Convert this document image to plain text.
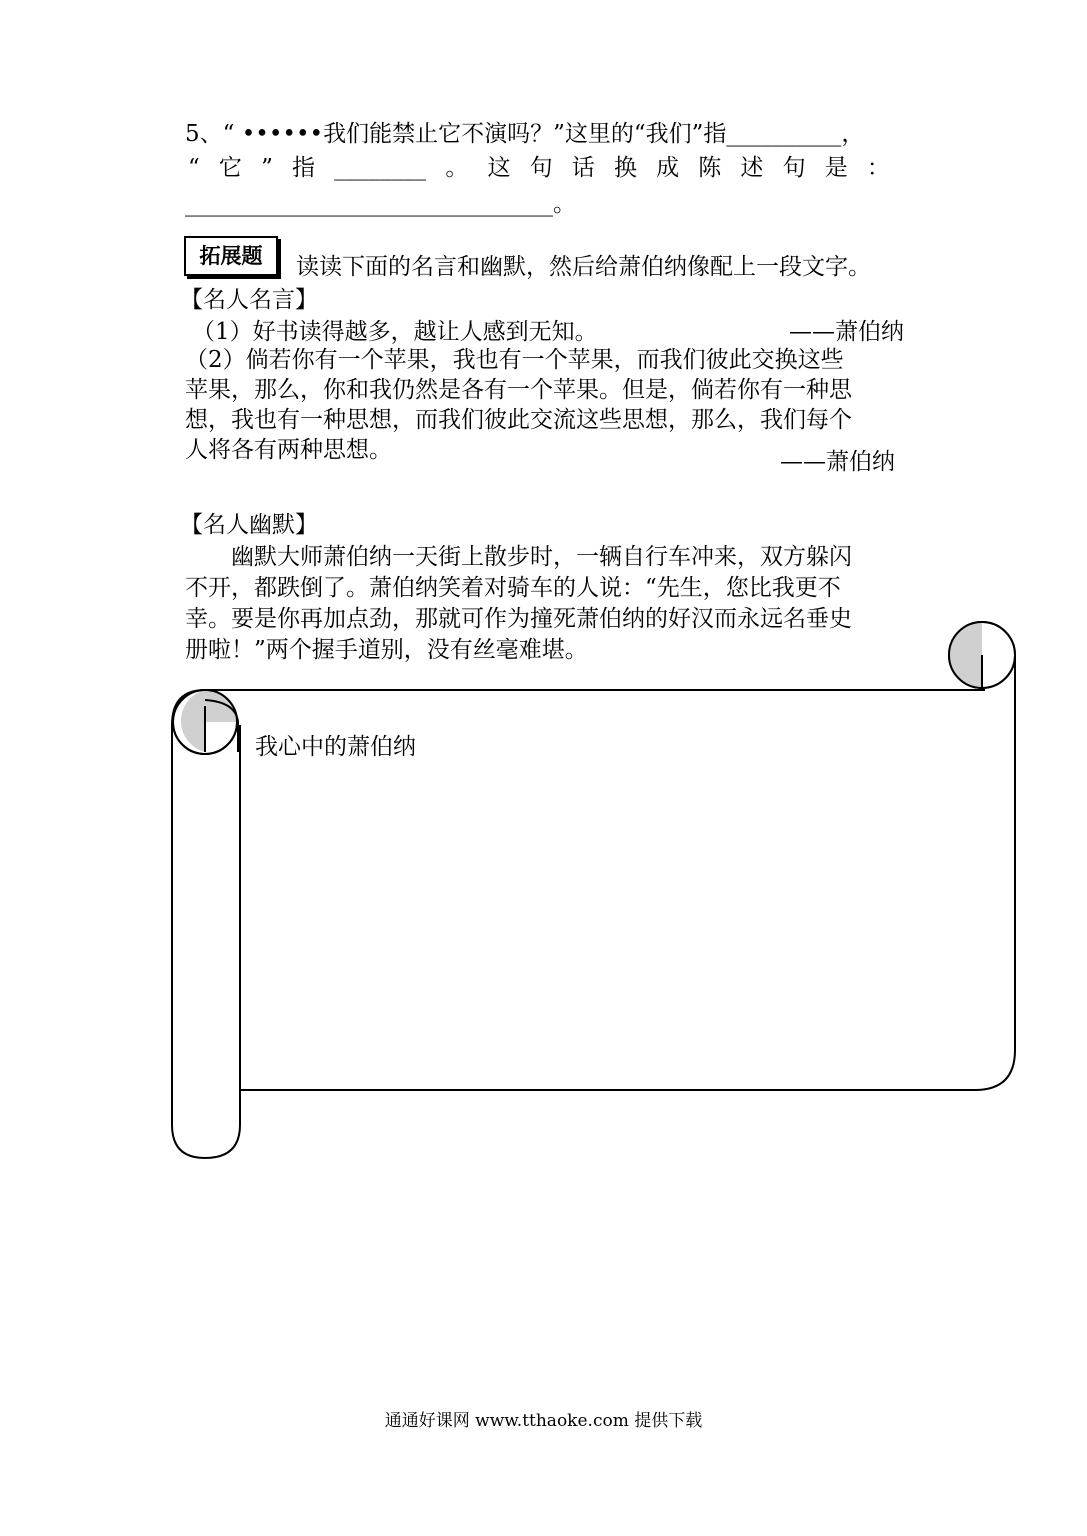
5、“ ••••••我们能禁止它不演吗？”这里的“我们”指__________，
“ 它 ” 指 ________ 。 这 句 话 换 成 陈 述 句 是 ：
________________________________。
拓展题	读读下面的名言和幽默，然后给萧伯纳像配上一段文字。
【名人名言】
（1）好书读得越多，越让人感到无知。	——萧伯纳
（2）倘若你有一个苹果，我也有一个苹果，而我们彼此交换这些
苹果，那么，你和我仍然是各有一个苹果。但是，倘若你有一种思
想，我也有一种思想，而我们彼此交流这些思想，那么，我们每个
人将各有两种思想。	——萧伯纳
【名人幽默】
　　幽默大师萧伯纳一天街上散步时，一辆自行车冲来，双方躲闪
不开，都跌倒了。萧伯纳笑着对骑车的人说：“先生，您比我更不
幸。要是你再加点劲，那就可作为撞死萧伯纳的好汉而永远名垂史
册啦！”两个握手道别，没有丝毫难堪。
我心中的萧伯纳
通通好课网 www.tthaoke.com 提供下载
